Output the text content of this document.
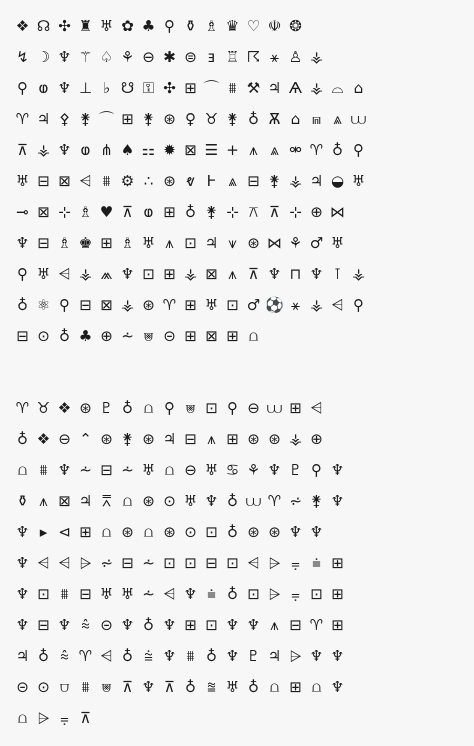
❖ ☊ ✣ ♜ ♅ ✿ ♣ ⚲ ⚱ ♗ ♛ ♡ ☫ ❂
↯ ☽ ♆ ⚚ ♤ ⚘ ⊖ ✱ ⊜ ⱻ ♖ ☈ ⚹ ♙ ⚶
⚲ ⱷ ♆ ⊥ ♭ ☋ ⚿ ✣ ⊞ ⌒ ⩩ ⚒ ♃ Ѧ ⚶ ⌓ ⌂
♈ ♃ ⚴ ⚵ ⌒ ⊞ ⚵ ⊛ ♀ ♉ ⚵ ♁ Ѫ ⌂ ⩎ ⩓ ⩊
⊼ ⚶ ♆ ⱷ ⋔ ♠ ⚏ ✹ ⊠ ☰ + ⩚ ⩓ ⚮ ♈ ♁ ⚲
♅ ⊟ ⊠ ⩤ ⩩ ⚙ ∴ ⊛ ⱴ Ⱶ ⩓ ⊟ ⚵ ⚶ ♃ ◒ ♅
⊸ ⊠ ⊹ ♗ ♥ ⊼ ⱷ ⊞ ♁ ⚵ ⊹ ⚻ ⊼ ⊹ ⊕ ⋈
♆ ⊟ ♗ ♚ ⊞ ♗ ♅ ⩚ ⊡ ♃ ⩛ ⊛ ⋈ ⚘ ♂ ♅
⚲ ♅ ⩤ ⚶ ⩕ ♆ ⊡ ⊞ ⚶ ⊠ ⩚ ⊼ ♆ ⊓ ♆ ⊺ ⚶
♁ ⚛ ⚲ ⊟ ⊠ ⚶ ⊛ ♈ ⊞ ♅ ⊡ ♂ ⚽ ⚹ ⚶ ⩤ ⚲
⊟ ⊙ ♁ ♣ ⊕ ⩪ ⩐ ⊝ ⊞ ⊠ ⊞ ⩍
♈ ♉ ❖ ⊛ ♇ ♁ ⩍ ⚲ ⩐ ⊡ ⚲ ⊖ ⩊ ⊞ ⩤
♁ ❖ ⊖ ⌃ ⊛ ⚵ ⊛ ♃ ⊟ ⩚ ⊞ ⊛ ⊛ ⚶ ⊕
⩍ ⩩ ♆ ⩪ ⊟ ⩪ ♅ ⩍ ⊖ ♅ ♋ ⚘ ♆ ♇ ⚲ ♆
⚱ ⩚ ⊠ ♃ ⩞ ⩍ ⊛ ⊙ ♅ ♆ ♁ ⩊ ♈ ⩫ ⚵ ♆
♆ ▸ ⊲ ⊞ ⩍ ⊛ ⩍ ⊛ ⊙ ⊡ ♁ ⊛ ⊛ ♆ ♆
♆ ⩤ ⩤ ⩥ ⩫ ⊟ ⩪ ⊡ ⊡ ⊟ ⊡ ⩤ ⩥ ⩦ ⩧ ⊞
♆ ⊡ ⩩ ⊟ ♅ ♅ ⩪ ⩤ ♆ ⩧ ♁ ⊡ ⩥ ⩦ ⊡ ⊞
♆ ⊟ ♆ ⩯ ⊝ ♆ ♁ ♆ ⊞ ⊡ ♆ ♆ ⩚ ⊟ ♈ ⊞
♃ ♁ ⩯ ♈ ⩤ ♁ ⩭ ♆ ⩩ ♁ ♆ ♇ ♃ ⩥ ♆ ♆
⊝ ⊙ ⩌ ⩩ ⩐ ⊼ ♆ ⊼ ♁ ⩰ ♅ ♁ ⩍ ⊞ ⩍ ♆
⩍ ⩥ ⩦ ⊼
